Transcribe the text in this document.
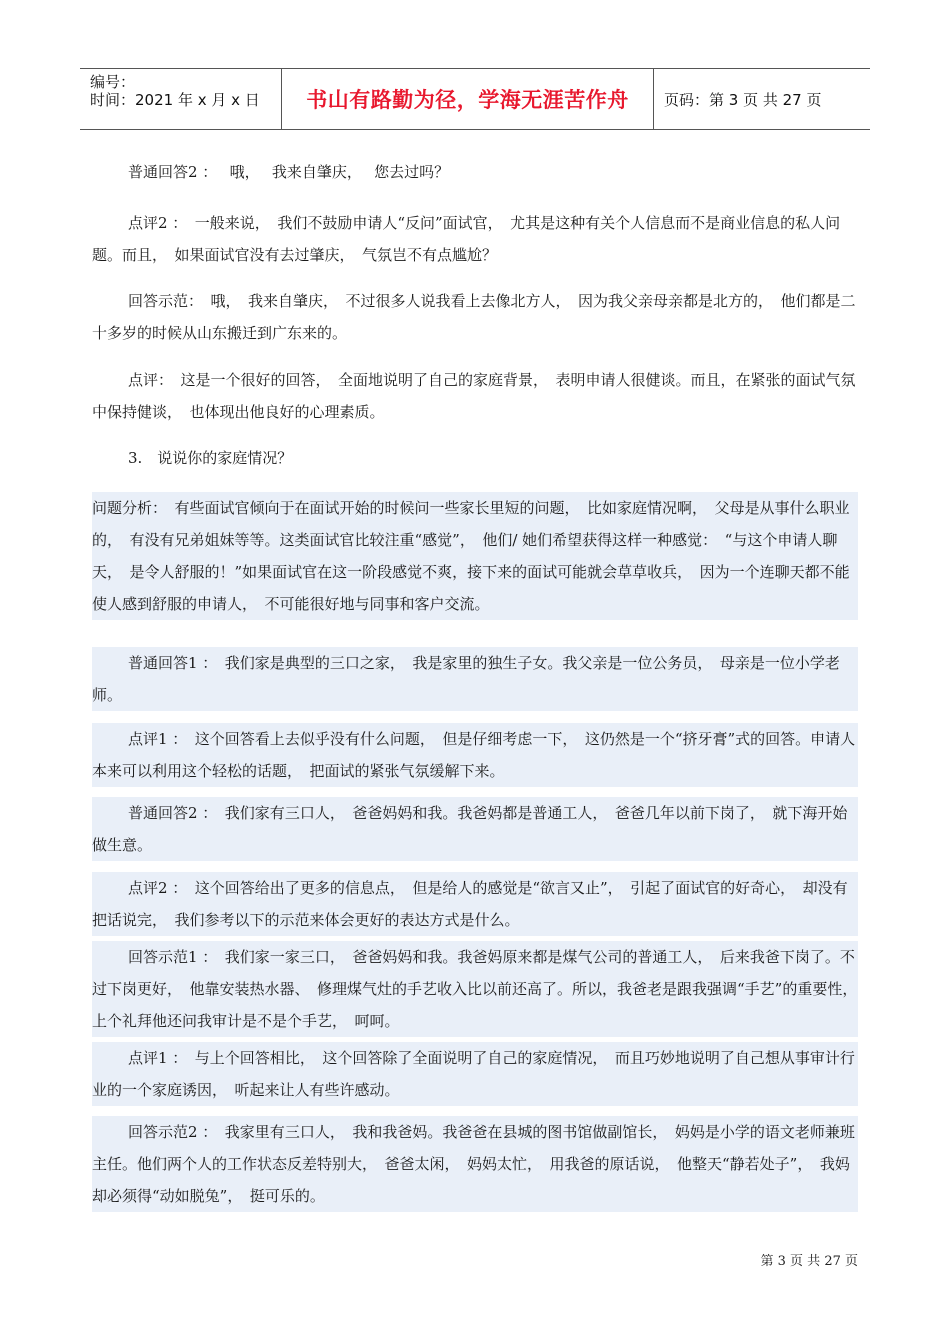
编号：
时间：2021 年 x 月 x 日	书山有路勤为径，学海无涯苦作舟	页码：第 3 页 共 27 页
普通回答2 ：　 哦，　 我来自肇庆，　 您去过吗？
点评2 ：　一般来说，　我们不鼓励申请人“反问”面试官，　尤其是这种有关个人信息而不是商业信息的私人问题。而且，　如果面试官没有去过肇庆，　气氛岂不有点尴尬？
回答示范：　哦，　我来自肇庆，　不过很多人说我看上去像北方人，　因为我父亲母亲都是北方的，　他们都是二十多岁的时候从山东搬迁到广东来的。
点评：　这是一个很好的回答，　全面地说明了自己的家庭背景，　表明申请人很健谈。而且，在紧张的面试气氛中保持健谈，　也体现出他良好的心理素质。
3.　说说你的家庭情况？
问题分析：　有些面试官倾向于在面试开始的时候问一些家长里短的问题，　比如家庭情况啊，　父母是从事什么职业的，　有没有兄弟姐妹等等。这类面试官比较注重“感觉”，　他们/ 她们希望获得这样一种感觉：　“与这个申请人聊天，　是令人舒服的！”如果面试官在这一阶段感觉不爽，接下来的面试可能就会草草收兵，　因为一个连聊天都不能使人感到舒服的申请人，　不可能很好地与同事和客户交流。
普通回答1 ：　我们家是典型的三口之家，　我是家里的独生子女。我父亲是一位公务员，　母亲是一位小学老师。
点评1 ：　这个回答看上去似乎没有什么问题，　但是仔细考虑一下，　这仍然是一个“挤牙膏”式的回答。申请人本来可以利用这个轻松的话题，　把面试的紧张气氛缓解下来。
普通回答2 ：　我们家有三口人，　爸爸妈妈和我。我爸妈都是普通工人，　爸爸几年以前下岗了，　就下海开始做生意。
点评2 ：　这个回答给出了更多的信息点，　但是给人的感觉是“欲言又止”，　引起了面试官的好奇心，　却没有把话说完，　我们参考以下的示范来体会更好的表达方式是什么。
回答示范1 ：　我们家一家三口，　爸爸妈妈和我。我爸妈原来都是煤气公司的普通工人，　后来我爸下岗了。不过下岗更好，　他靠安装热水器、　修理煤气灶的手艺收入比以前还高了。所以，我爸老是跟我强调“手艺”的重要性，　上个礼拜他还问我审计是不是个手艺，　呵呵。
点评1 ：　与上个回答相比，　这个回答除了全面说明了自己的家庭情况，　而且巧妙地说明了自己想从事审计行业的一个家庭诱因，　听起来让人有些许感动。
回答示范2 ：　我家里有三口人，　我和我爸妈。我爸爸在县城的图书馆做副馆长，　妈妈是小学的语文老师兼班主任。他们两个人的工作状态反差特别大，　爸爸太闲，　妈妈太忙，　用我爸的原话说，　他整天“静若处子”，　我妈却必须得“动如脱兔”，　挺可乐的。
第 3 页 共 27 页
